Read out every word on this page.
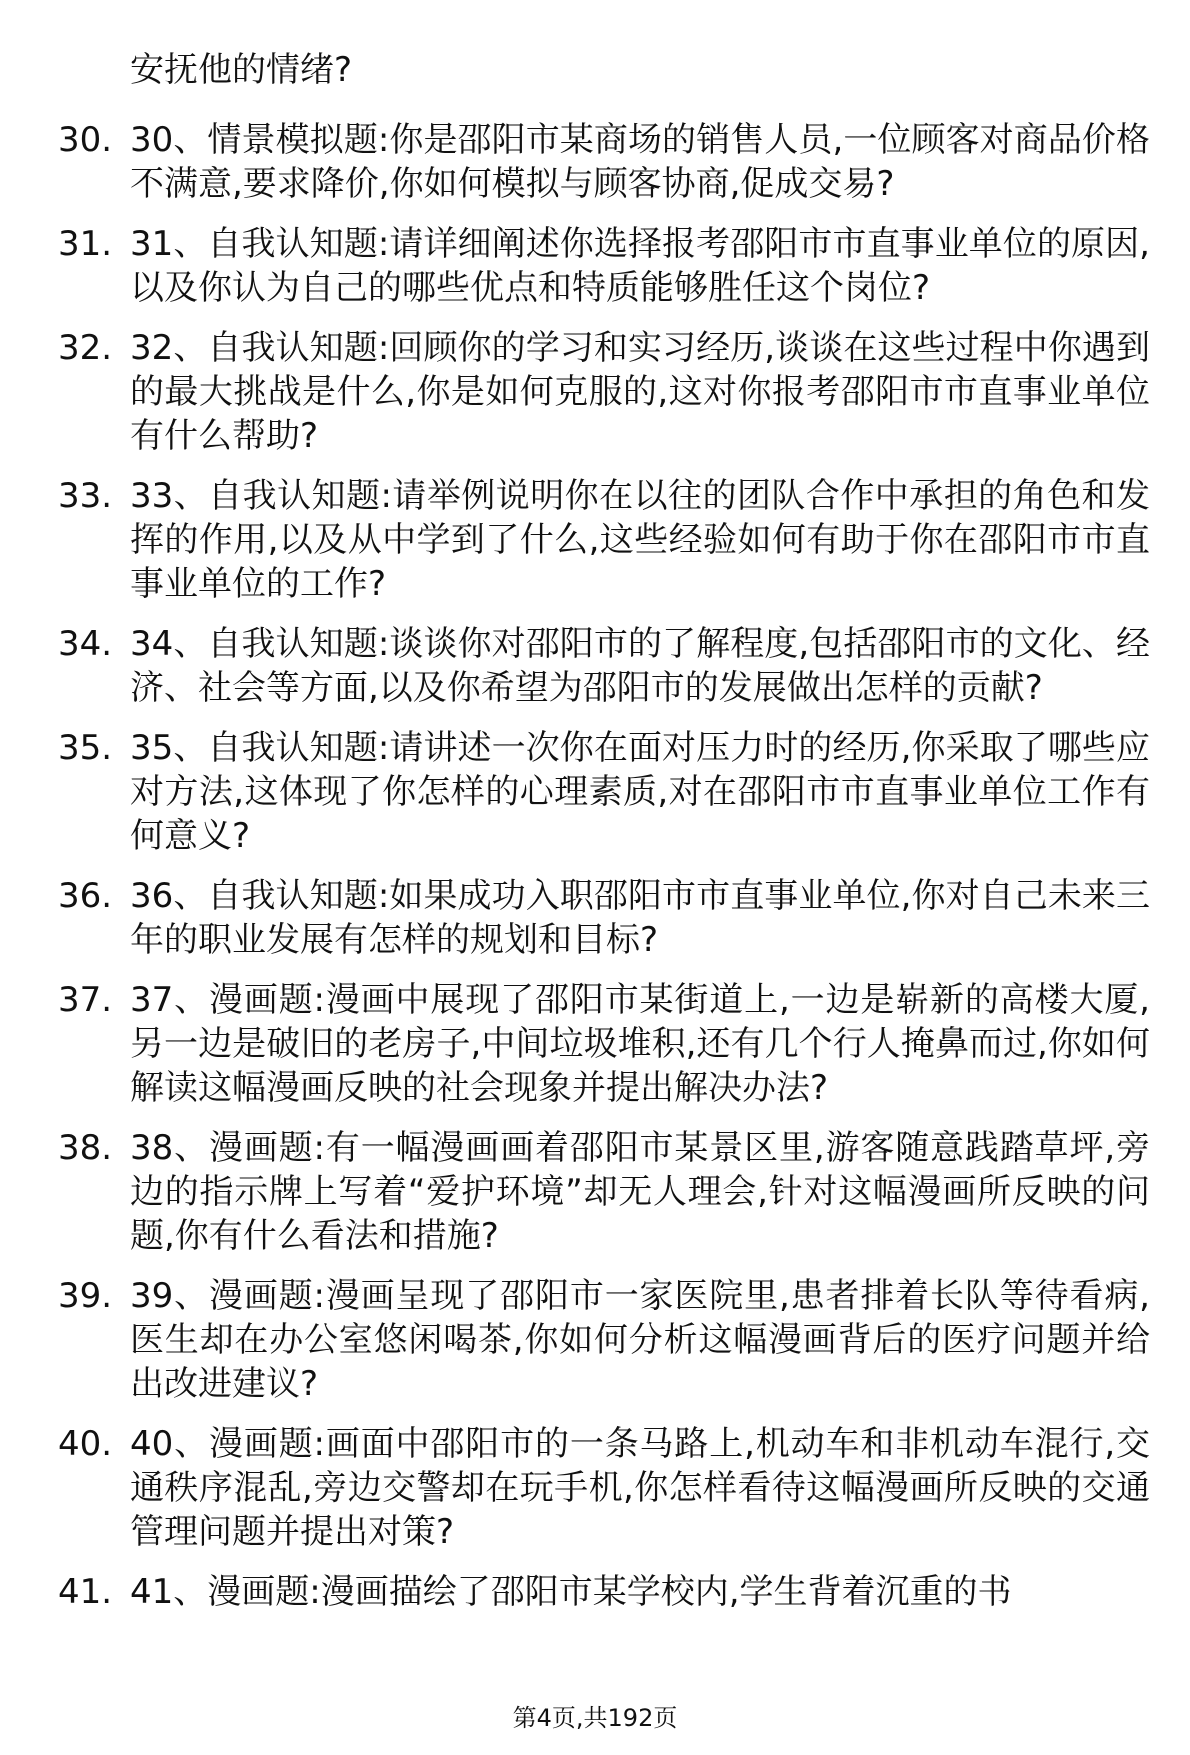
安抚他的情绪?

30. 30、情景模拟题:你是邵阳市某商场的销售人员,一位顾客对商品价格不满意,要求降价,你如何模拟与顾客协商,促成交易?
31. 31、自我认知题:请详细阐述你选择报考邵阳市市直事业单位的原因,以及你认为自己的哪些优点和特质能够胜任这个岗位?
32. 32、自我认知题:回顾你的学习和实习经历,谈谈在这些过程中你遇到的最大挑战是什么,你是如何克服的,这对你报考邵阳市市直事业单位有什么帮助?
33. 33、自我认知题:请举例说明你在以往的团队合作中承担的角色和发挥的作用,以及从中学到了什么,这些经验如何有助于你在邵阳市市直事业单位的工作?
34. 34、自我认知题:谈谈你对邵阳市的了解程度,包括邵阳市的文化、经济、社会等方面,以及你希望为邵阳市的发展做出怎样的贡献?
35. 35、自我认知题:请讲述一次你在面对压力时的经历,你采取了哪些应对方法,这体现了你怎样的心理素质,对在邵阳市市直事业单位工作有何意义?
36. 36、自我认知题:如果成功入职邵阳市市直事业单位,你对自己未来三年的职业发展有怎样的规划和目标?
37. 37、漫画题:漫画中展现了邵阳市某街道上,一边是崭新的高楼大厦,另一边是破旧的老房子,中间垃圾堆积,还有几个行人掩鼻而过,你如何解读这幅漫画反映的社会现象并提出解决办法?
38. 38、漫画题:有一幅漫画画着邵阳市某景区里,游客随意践踏草坪,旁边的指示牌上写着“爱护环境”却无人理会,针对这幅漫画所反映的问题,你有什么看法和措施?
39. 39、漫画题:漫画呈现了邵阳市一家医院里,患者排着长队等待看病,医生却在办公室悠闲喝茶,你如何分析这幅漫画背后的医疗问题并给出改进建议?
40. 40、漫画题:画面中邵阳市的一条马路上,机动车和非机动车混行,交通秩序混乱,旁边交警却在玩手机,你怎样看待这幅漫画所反映的交通管理问题并提出对策?
41. 41、漫画题:漫画描绘了邵阳市某学校内,学生背着沉重的书
第4页,共192页
